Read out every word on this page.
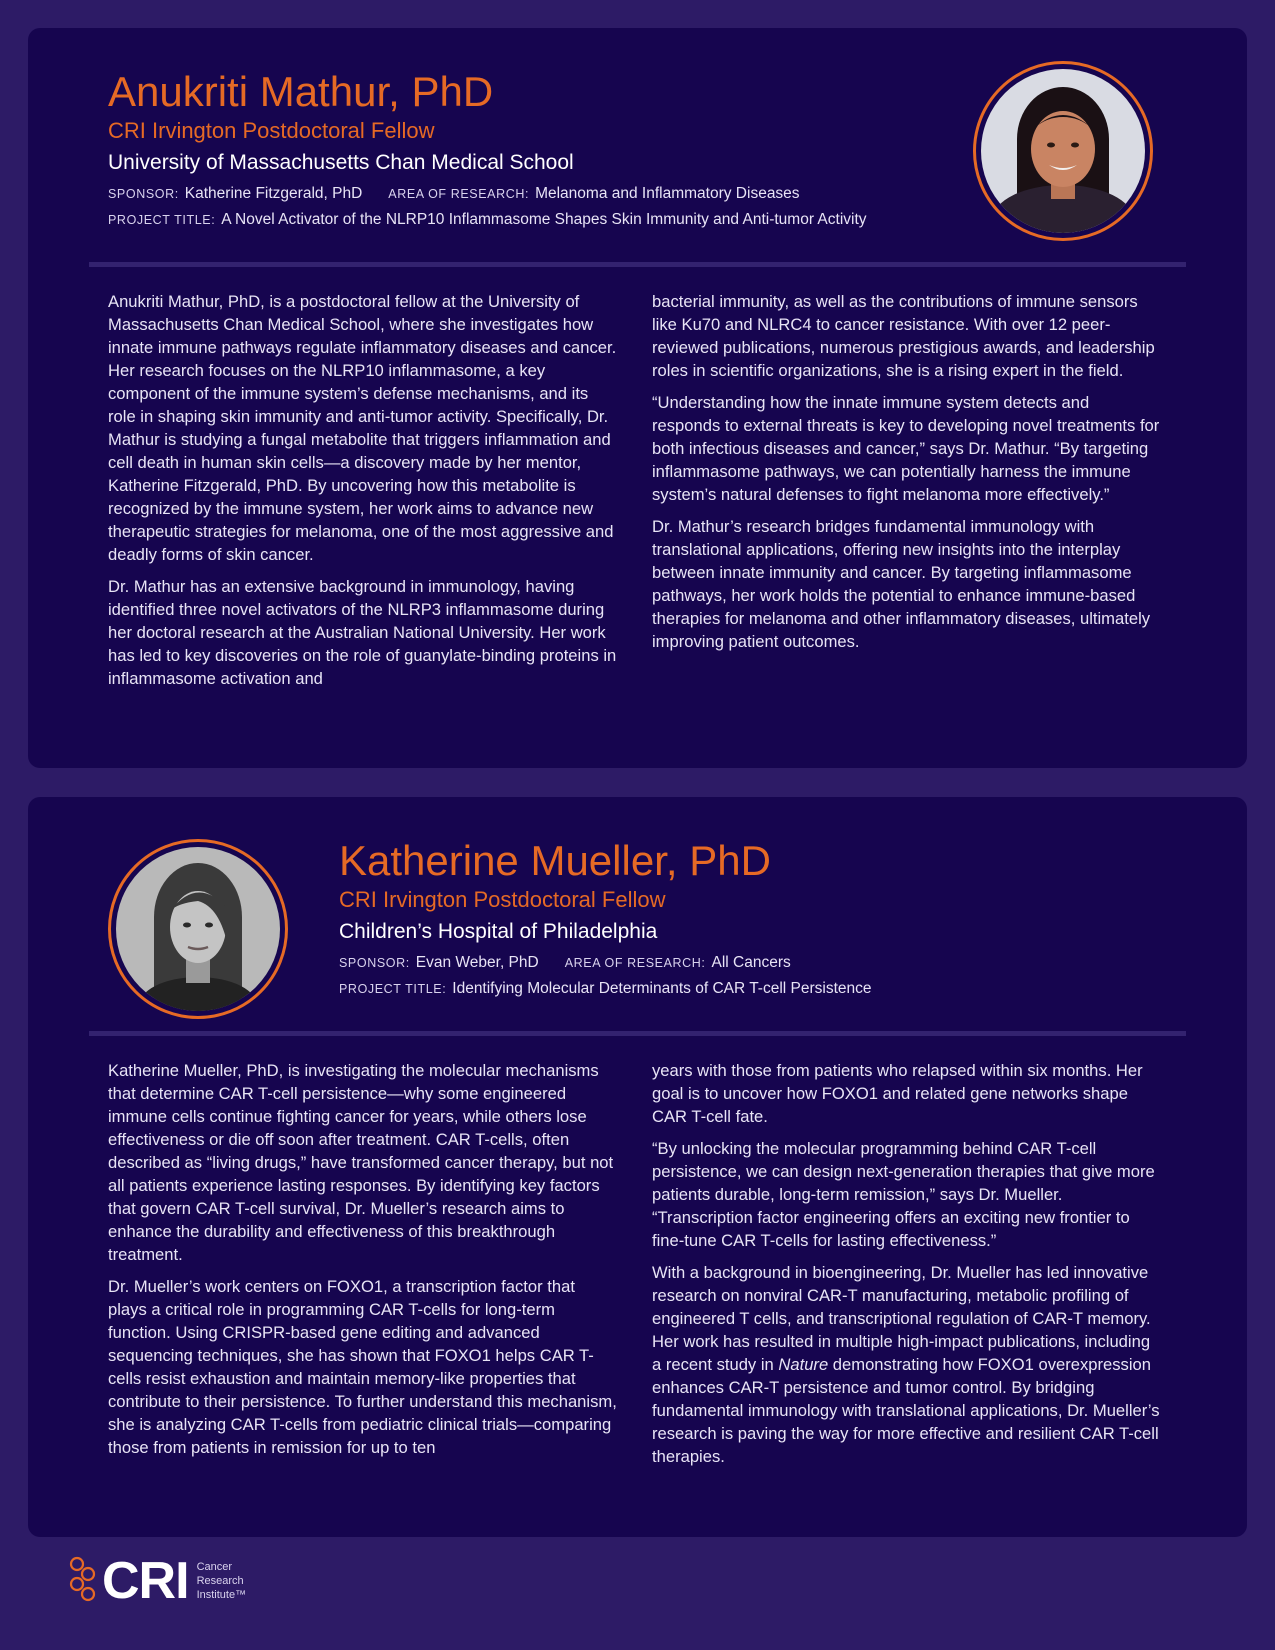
Anukriti Mathur, PhD
CRI Irvington Postdoctoral Fellow
University of Massachusetts Chan Medical School
SPONSOR: Katherine Fitzgerald, PhD AREA OF RESEARCH: Melanoma and Inflammatory Diseases
PROJECT TITLE: A Novel Activator of the NLRP10 Inflammasome Shapes Skin Immunity and Anti-tumor Activity

Anukriti Mathur, PhD, is a postdoctoral fellow at the University of Massachusetts Chan Medical School, where she investigates how innate immune pathways regulate inflammatory diseases and cancer. Her research focuses on the NLRP10 inflammasome, a key component of the immune system’s defense mechanisms, and its role in shaping skin immunity and anti-tumor activity. Specifically, Dr. Mathur is studying a fungal metabolite that triggers inflammation and cell death in human skin cells—a discovery made by her mentor, Katherine Fitzgerald, PhD. By uncovering how this metabolite is recognized by the immune system, her work aims to advance new therapeutic strategies for melanoma, one of the most aggressive and deadly forms of skin cancer.

Dr. Mathur has an extensive background in immunology, having identified three novel activators of the NLRP3 inflammasome during her doctoral research at the Australian National University. Her work has led to key discoveries on the role of guanylate-binding proteins in inflammasome activation and

bacterial immunity, as well as the contributions of immune sensors like Ku70 and NLRC4 to cancer resistance. With over 12 peer-reviewed publications, numerous prestigious awards, and leadership roles in scientific organizations, she is a rising expert in the field.

“Understanding how the innate immune system detects and responds to external threats is key to developing novel treatments for both infectious diseases and cancer,” says Dr. Mathur. “By targeting inflammasome pathways, we can potentially harness the immune system’s natural defenses to fight melanoma more effectively.”

Dr. Mathur’s research bridges fundamental immunology with translational applications, offering new insights into the interplay between innate immunity and cancer. By targeting inflammasome pathways, her work holds the potential to enhance immune-based therapies for melanoma and other inflammatory diseases, ultimately improving patient outcomes.

Katherine Mueller, PhD
CRI Irvington Postdoctoral Fellow
Children’s Hospital of Philadelphia
SPONSOR: Evan Weber, PhD AREA OF RESEARCH: All Cancers
PROJECT TITLE: Identifying Molecular Determinants of CAR T-cell Persistence

Katherine Mueller, PhD, is investigating the molecular mechanisms that determine CAR T-cell persistence—why some engineered immune cells continue fighting cancer for years, while others lose effectiveness or die off soon after treatment. CAR T-cells, often described as “living drugs,” have transformed cancer therapy, but not all patients experience lasting responses. By identifying key factors that govern CAR T-cell survival, Dr. Mueller’s research aims to enhance the durability and effectiveness of this breakthrough treatment.

Dr. Mueller’s work centers on FOXO1, a transcription factor that plays a critical role in programming CAR T-cells for long-term function. Using CRISPR-based gene editing and advanced sequencing techniques, she has shown that FOXO1 helps CAR T-cells resist exhaustion and maintain memory-like properties that contribute to their persistence. To further understand this mechanism, she is analyzing CAR T-cells from pediatric clinical trials—comparing those from patients in remission for up to ten

years with those from patients who relapsed within six months. Her goal is to uncover how FOXO1 and related gene networks shape CAR T-cell fate.

“By unlocking the molecular programming behind CAR T-cell persistence, we can design next-generation therapies that give more patients durable, long-term remission,” says Dr. Mueller. “Transcription factor engineering offers an exciting new frontier to fine-tune CAR T-cells for lasting effectiveness.”

With a background in bioengineering, Dr. Mueller has led innovative research on nonviral CAR-T manufacturing, metabolic profiling of engineered T cells, and transcriptional regulation of CAR-T memory. Her work has resulted in multiple high-impact publications, including a recent study in Nature demonstrating how FOXO1 overexpression enhances CAR-T persistence and tumor control. By bridging fundamental immunology with translational applications, Dr. Mueller’s research is paving the way for more effective and resilient CAR T-cell therapies.

CRI Cancer
Research
Institute™
